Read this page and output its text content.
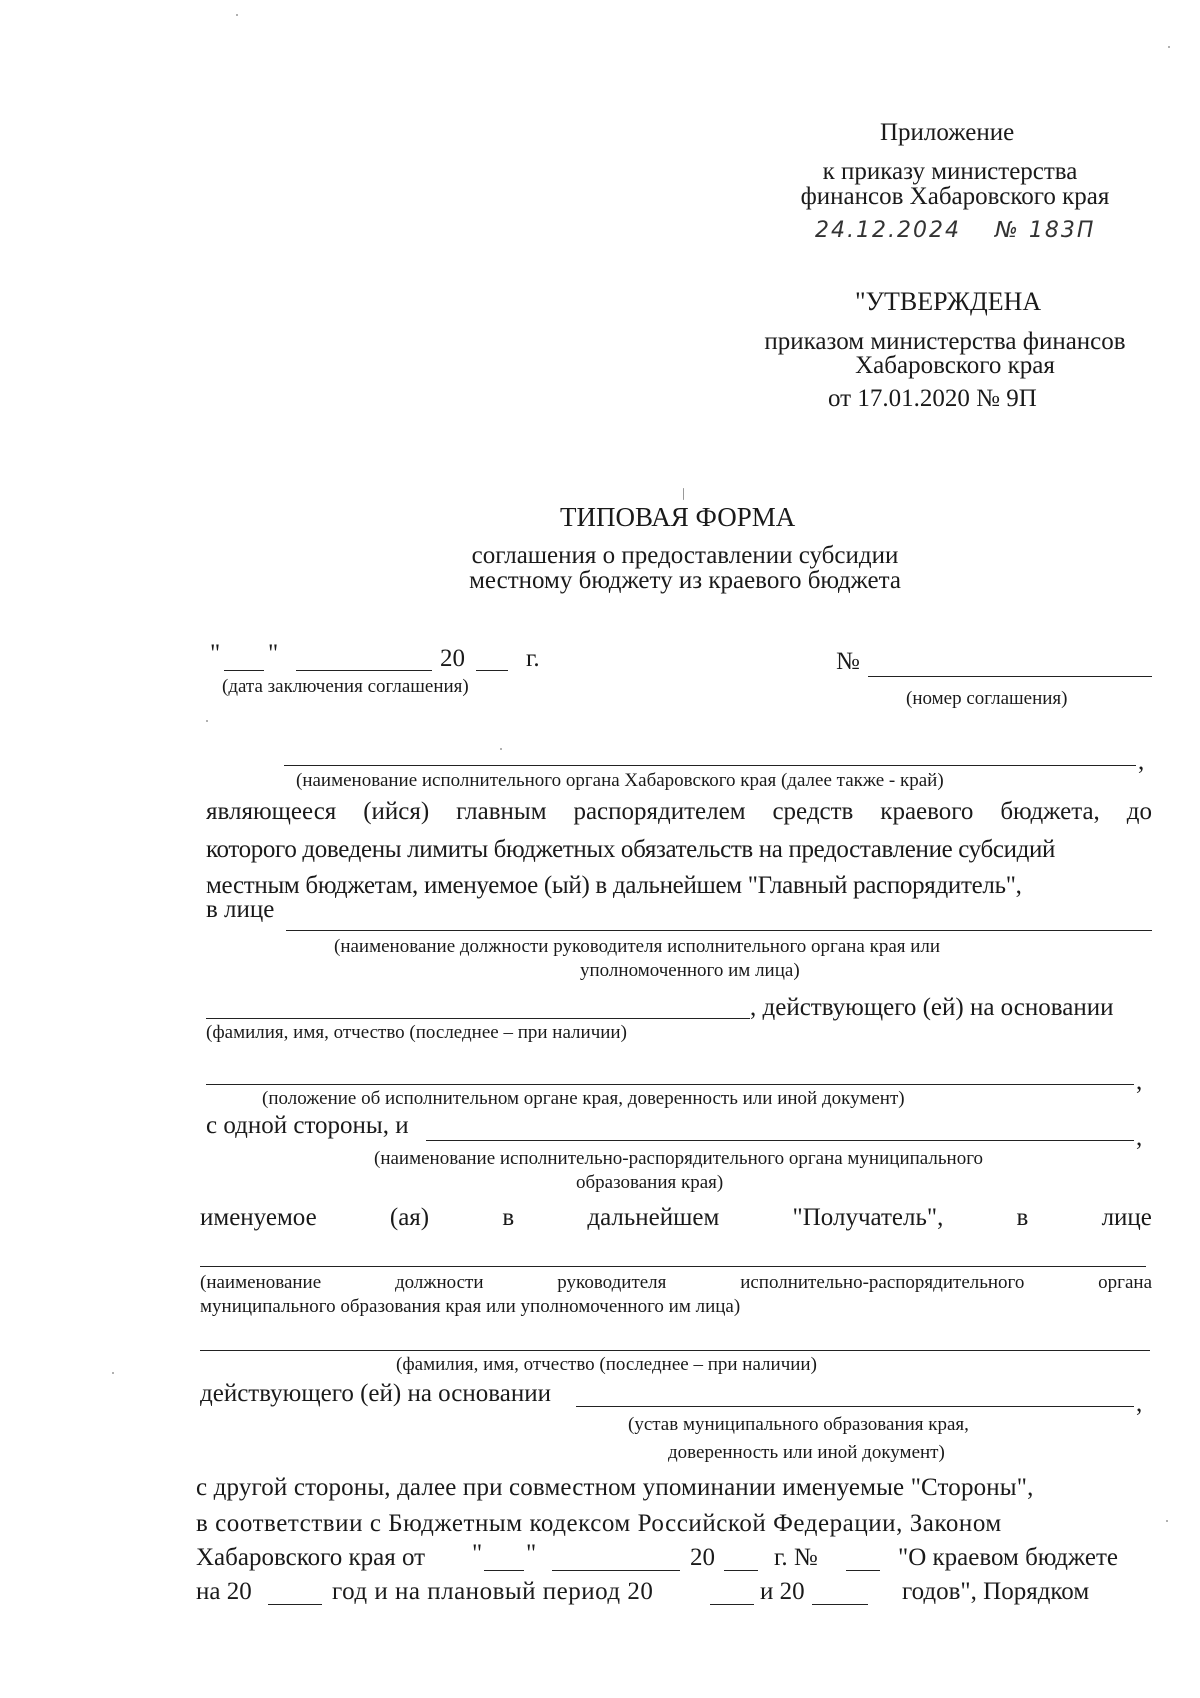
Приложение
к приказу министерства
финансов Хабаровского края
24.12.2024 № 183П
"УТВЕРЖДЕНА
приказом министерства финансов
Хабаровского края
от 17.01.2020 № 9П
ТИПОВАЯ ФОРМА
соглашения о предоставлении субсидии
местному бюджету из краевого бюджета
" "	20 г.
(дата заключения соглашения)
№
(номер соглашения)
,
(наименование исполнительного органа Хабаровского края (далее также - край)
являющееся (ийся) главным распорядителем средств краевого бюджета, до
которого доведены лимиты бюджетных обязательств на предоставление субсидий
местным бюджетам, именуемое (ый) в дальнейшем "Главный распорядитель",
в лице
(наименование должности руководителя исполнительного органа края или
уполномоченного им лица)
, действующего (ей) на основании
(фамилия, имя, отчество (последнее – при наличии)
,
(положение об исполнительном органе края, доверенность или иной документ)
с одной стороны, и	,
(наименование исполнительно-распорядительного органа муниципального
образования края)
именуемое	(ая)	в	дальнейшем	"Получатель",	в	лице
(наименование	должности	руководителя	исполнительно-распорядительного	органа
муниципального образования края или уполномоченного им лица)
(фамилия, имя, отчество (последнее – при наличии)
действующего (ей) на основании	,
(устав муниципального образования края,
доверенность или иной документ)
с другой стороны, далее при совместном упоминании именуемые "Стороны",
в соответствии с Бюджетным кодексом Российской Федерации, Законом
Хабаровского края от " "	20 г. №	"О краевом бюджете
на 20	год и на плановый период 20	и 20	годов", Порядком
